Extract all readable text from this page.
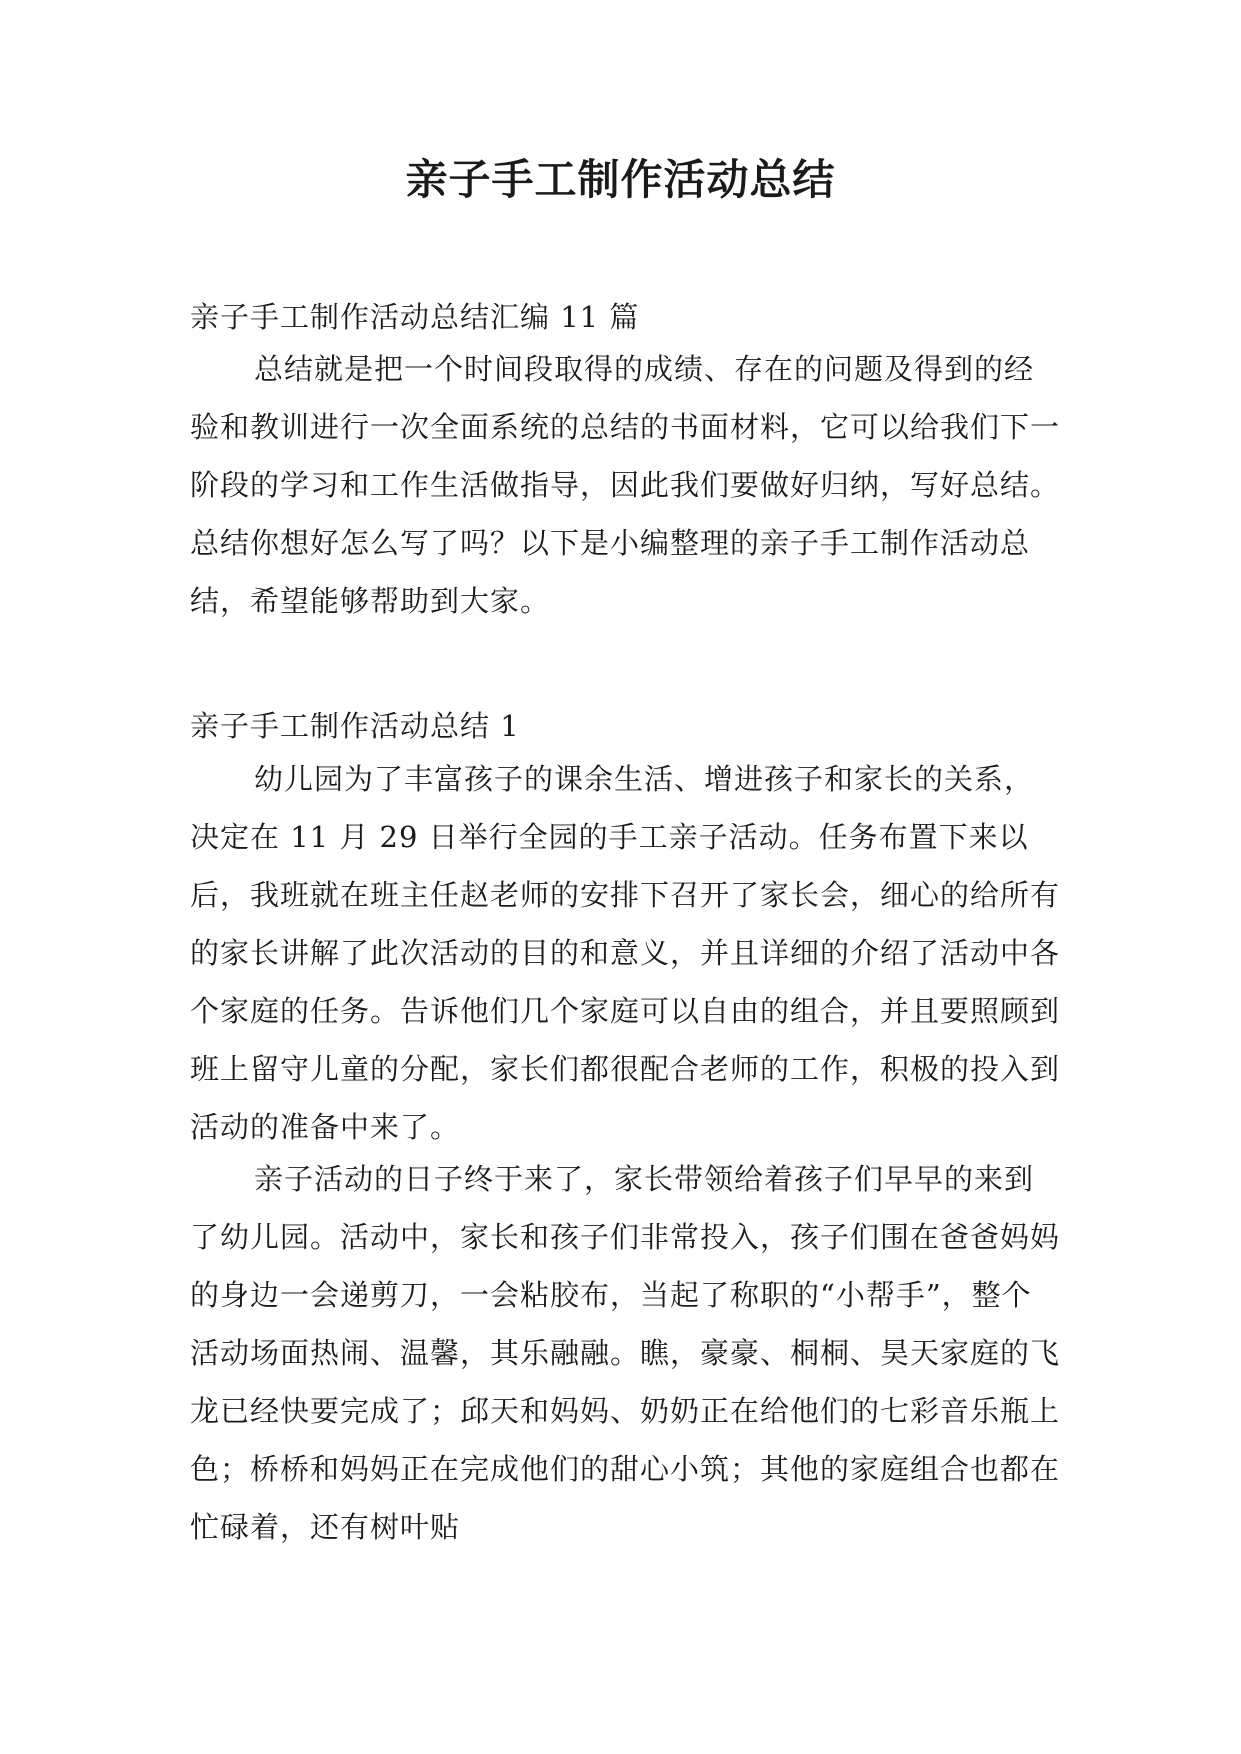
亲子手工制作活动总结

亲子手工制作活动总结汇编 11 篇

总结就是把一个时间段取得的成绩、存在的问题及得到的经验和教训进行一次全面系统的总结的书面材料，它可以给我们下一阶段的学习和工作生活做指导，因此我们要做好归纳，写好总结。总结你想好怎么写了吗？以下是小编整理的亲子手工制作活动总结，希望能够帮助到大家。

亲子手工制作活动总结 1

幼儿园为了丰富孩子的课余生活、增进孩子和家长的关系，决定在 11 月 29 日举行全园的手工亲子活动。任务布置下来以后，我班就在班主任赵老师的安排下召开了家长会，细心的给所有的家长讲解了此次活动的目的和意义，并且详细的介绍了活动中各个家庭的任务。告诉他们几个家庭可以自由的组合，并且要照顾到班上留守儿童的分配，家长们都很配合老师的工作，积极的投入到活动的准备中来了。

亲子活动的日子终于来了，家长带领给着孩子们早早的来到了幼儿园。活动中，家长和孩子们非常投入，孩子们围在爸爸妈妈的身边一会递剪刀，一会粘胶布，当起了称职的“小帮手”，整个活动场面热闹、温馨，其乐融融。瞧，豪豪、桐桐、昊天家庭的飞龙已经快要完成了；邱天和妈妈、奶奶正在给他们的七彩音乐瓶上色；桥桥和妈妈正在完成他们的甜心小筑；其他的家庭组合也都在忙碌着，还有树叶贴
